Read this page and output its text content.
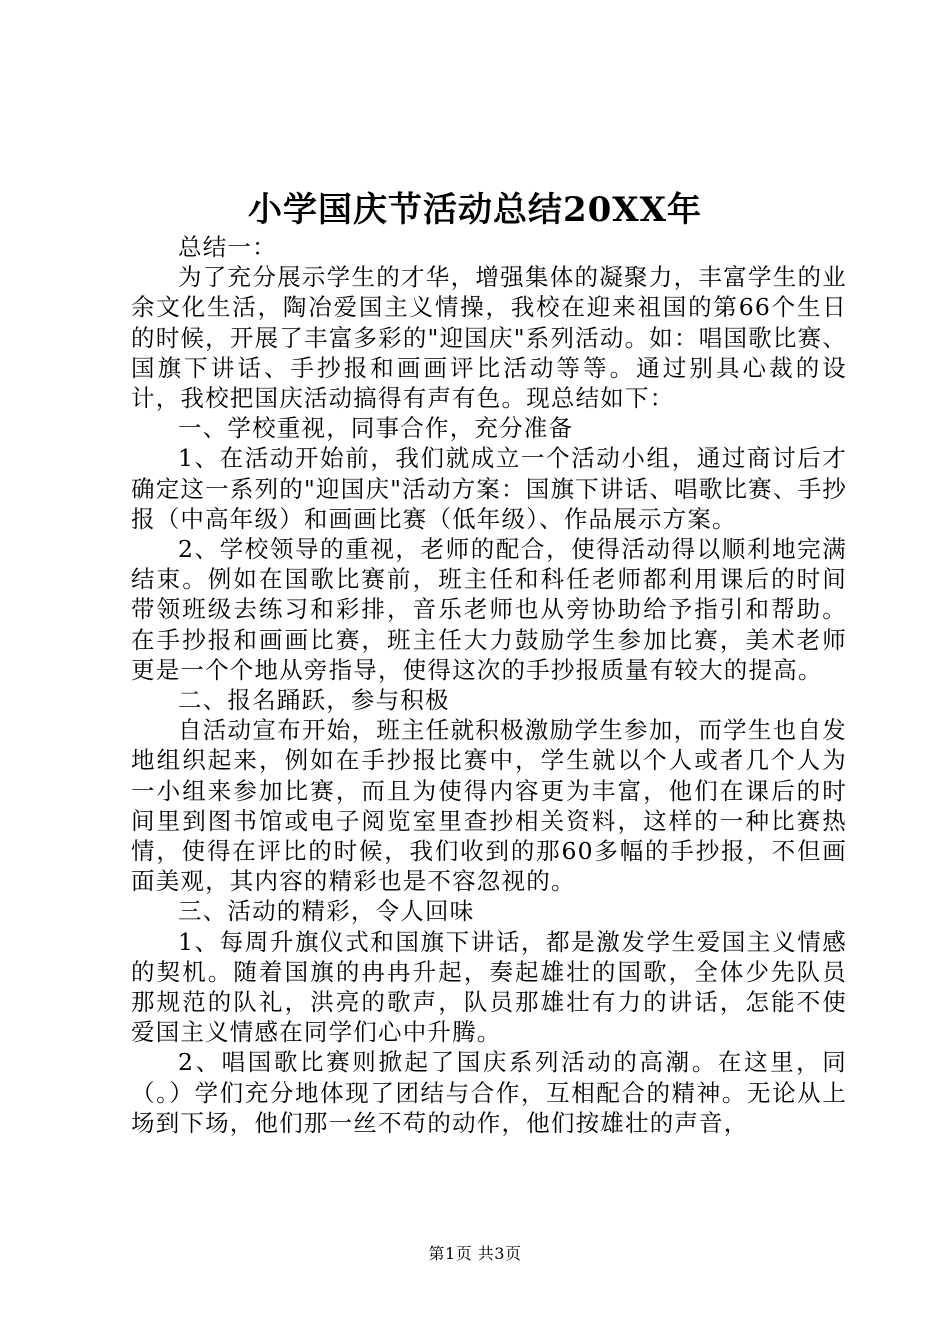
小学国庆节活动总结20XX年

总结一：

为了充分展示学生的才华，增强集体的凝聚力，丰富学生的业余文化生活，陶冶爱国主义情操，我校在迎来祖国的第66个生日的时候，开展了丰富多彩的"迎国庆"系列活动。如：唱国歌比赛、国旗下讲话、手抄报和画画评比活动等等。通过别具心裁的设计，我校把国庆活动搞得有声有色。现总结如下：

一、学校重视，同事合作，充分准备

1、在活动开始前，我们就成立一个活动小组，通过商讨后才确定这一系列的"迎国庆"活动方案：国旗下讲话、唱歌比赛、手抄报（中高年级）和画画比赛（低年级）、作品展示方案。

2、学校领导的重视，老师的配合，使得活动得以顺利地完满结束。例如在国歌比赛前，班主任和科任老师都利用课后的时间带领班级去练习和彩排，音乐老师也从旁协助给予指引和帮助。在手抄报和画画比赛，班主任大力鼓励学生参加比赛，美术老师更是一个个地从旁指导，使得这次的手抄报质量有较大的提高。

二、报名踊跃，参与积极

自活动宣布开始，班主任就积极激励学生参加，而学生也自发地组织起来，例如在手抄报比赛中，学生就以个人或者几个人为一小组来参加比赛，而且为使得内容更为丰富，他们在课后的时间里到图书馆或电子阅览室里查抄相关资料，这样的一种比赛热情，使得在评比的时候，我们收到的那60多幅的手抄报，不但画面美观，其内容的精彩也是不容忽视的。

三、活动的精彩，令人回味

1、每周升旗仪式和国旗下讲话，都是激发学生爱国主义情感的契机。随着国旗的冉冉升起，奏起雄壮的国歌，全体少先队员那规范的队礼，洪亮的歌声，队员那雄壮有力的讲话，怎能不使爱国主义情感在同学们心中升腾。

2、唱国歌比赛则掀起了国庆系列活动的高潮。在这里，同（。）学们充分地体现了团结与合作，互相配合的精神。无论从上场到下场，他们那一丝不苟的动作，他们按雄壮的声音，

第1页 共3页
